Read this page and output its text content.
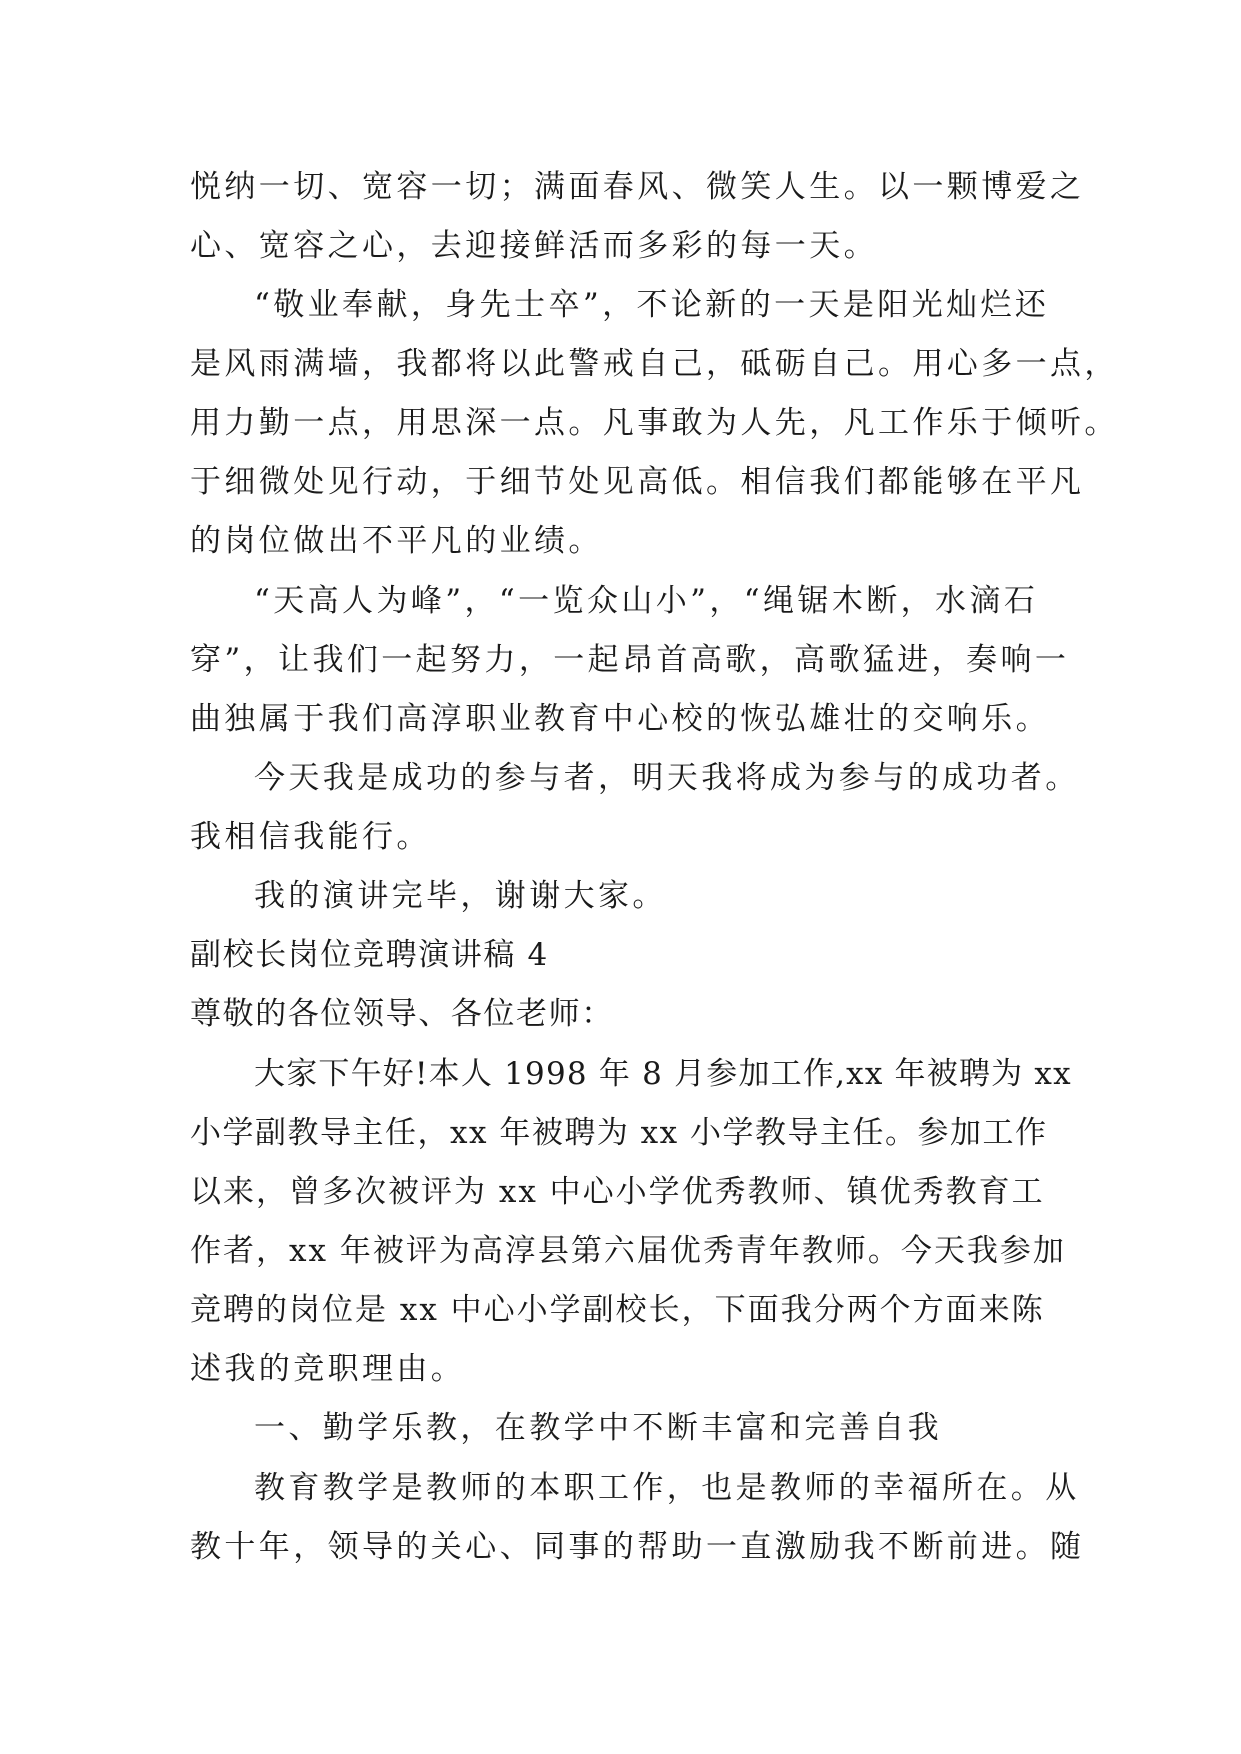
悦纳一切、宽容一切；满面春风、微笑人生。以一颗博爱之
心、宽容之心，去迎接鲜活而多彩的每一天。
“敬业奉献，身先士卒”，不论新的一天是阳光灿烂还
是风雨满墙，我都将以此警戒自己，砥砺自己。用心多一点，
用力勤一点，用思深一点。凡事敢为人先，凡工作乐于倾听。
于细微处见行动，于细节处见高低。相信我们都能够在平凡
的岗位做出不平凡的业绩。
“天高人为峰”，“一览众山小”，“绳锯木断，水滴石
穿”，让我们一起努力，一起昂首高歌，高歌猛进，奏响一
曲独属于我们高淳职业教育中心校的恢弘雄壮的交响乐。
今天我是成功的参与者，明天我将成为参与的成功者。
我相信我能行。
我的演讲完毕，谢谢大家。
副校长岗位竞聘演讲稿 4
尊敬的各位领导、各位老师：
大家下午好!本人 1998 年 8 月参加工作,xx 年被聘为 xx
小学副教导主任，xx 年被聘为 xx 小学教导主任。参加工作
以来，曾多次被评为 xx 中心小学优秀教师、镇优秀教育工
作者，xx 年被评为高淳县第六届优秀青年教师。今天我参加
竞聘的岗位是 xx 中心小学副校长，下面我分两个方面来陈
述我的竞职理由。
一、勤学乐教，在教学中不断丰富和完善自我
教育教学是教师的本职工作，也是教师的幸福所在。从
教十年，领导的关心、同事的帮助一直激励我不断前进。随
